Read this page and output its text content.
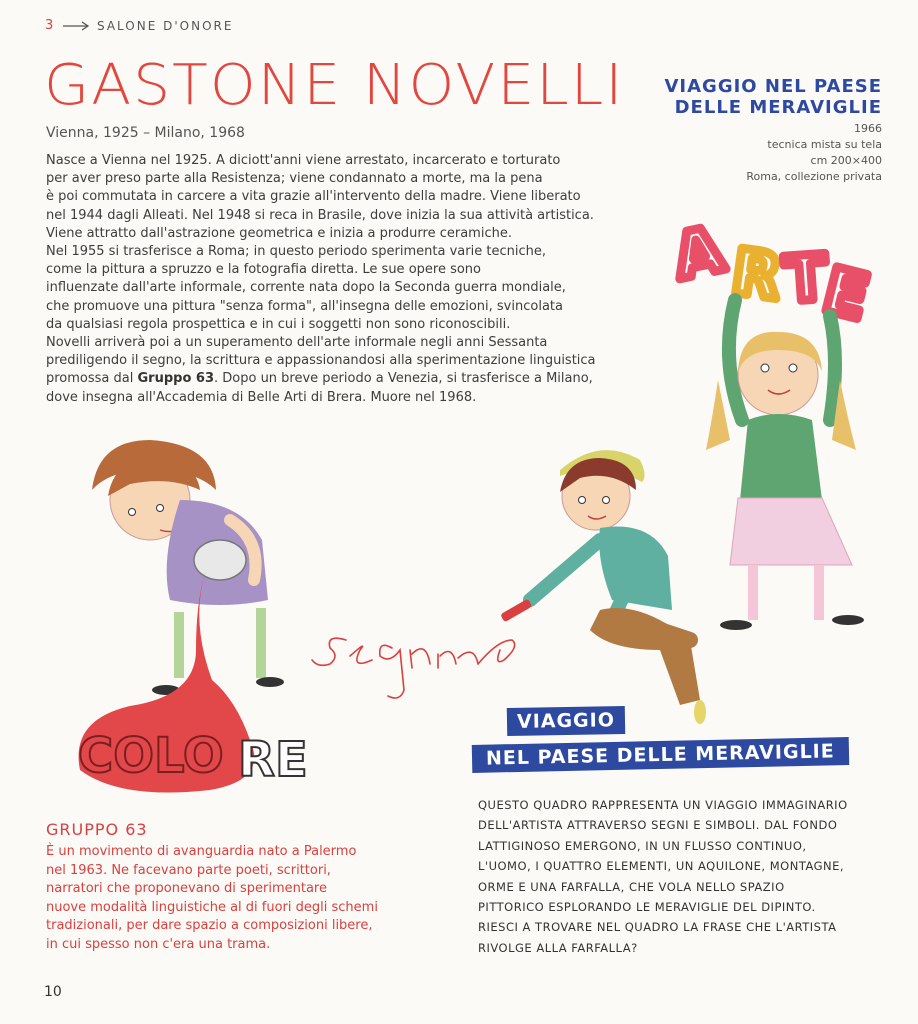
3	SALONE D'ONORE
GASTONE NOVELLI
Vienna, 1925 – Milano, 1968

Nasce a Vienna nel 1925. A diciott'anni viene arrestato, incarcerato e torturato

per aver preso parte alla Resistenza; viene condannato a morte, ma la pena

è poi commutata in carcere a vita grazie all'intervento della madre. Viene liberato

nel 1944 dagli Alleati. Nel 1948 si reca in Brasile, dove inizia la sua attività artistica.

Viene attratto dall'astrazione geometrica e inizia a produrre ceramiche.

Nel 1955 si trasferisce a Roma; in questo periodo sperimenta varie tecniche,

come la pittura a spruzzo e la fotografia diretta. Le sue opere sono

influenzate dall'arte informale, corrente nata dopo la Seconda guerra mondiale,

che promuove una pittura "senza forma", all'insegna delle emozioni, svincolata

da qualsiasi regola prospettica e in cui i soggetti non sono riconoscibili.

Novelli arriverà poi a un superamento dell'arte informale negli anni Sessanta

prediligendo il segno, la scrittura e appassionandosi alla sperimentazione linguistica

promossa dal Gruppo 63. Dopo un breve periodo a Venezia, si trasferisce a Milano,

dove insegna all'Accademia di Belle Arti di Brera. Muore nel 1968.

VIAGGIO NEL PAESE
DELLE MERAVIGLIE
1966
tecnica mista su tela
cm 200×400
Roma, collezione privata
A
R
T
E
COLO RE
GRUPPO 63
È un movimento di avanguardia nato a Palermo
nel 1963. Ne facevano parte poeti, scrittori,
narratori che proponevano di sperimentare
nuove modalità linguistiche al di fuori degli schemi
tradizionali, per dare spazio a composizioni libere,
in cui spesso non c'era una trama.
VIAGGIO
NEL PAESE DELLE MERAVIGLIE
QUESTO QUADRO RAPPRESENTA UN VIAGGIO IMMAGINARIO
DELL'ARTISTA ATTRAVERSO SEGNI E SIMBOLI. DAL FONDO
LATTIGINOSO EMERGONO, IN UN FLUSSO CONTINUO,
L'UOMO, I QUATTRO ELEMENTI, UN AQUILONE, MONTAGNE,
ORME E UNA FARFALLA, CHE VOLA NELLO SPAZIO
PITTORICO ESPLORANDO LE MERAVIGLIE DEL DIPINTO.
RIESCI A TROVARE NEL QUADRO LA FRASE CHE L'ARTISTA
RIVOLGE ALLA FARFALLA?
10
